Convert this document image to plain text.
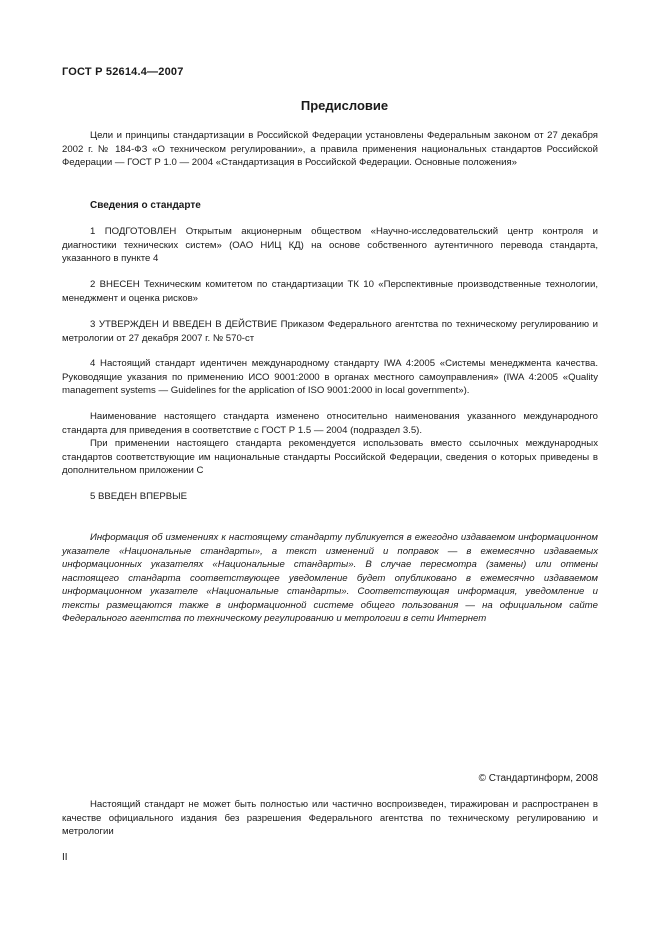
ГОСТ Р 52614.4—2007
Предисловие

Цели и принципы стандартизации в Российской Федерации установлены Федеральным законом от 27 декабря 2002 г. № 184-ФЗ «О техническом регулировании», а правила применения национальных стандартов Российской Федерации — ГОСТ Р 1.0 — 2004 «Стандартизация в Российской Федерации. Основные положения»

Сведения о стандарте

1 ПОДГОТОВЛЕН Открытым акционерным обществом «Научно-исследовательский центр контроля и диагностики технических систем» (ОАО НИЦ КД) на основе собственного аутентичного перевода стандарта, указанного в пункте 4

2 ВНЕСЕН Техническим комитетом по стандартизации ТК 10 «Перспективные производственные технологии, менеджмент и оценка рисков»

3 УТВЕРЖДЕН И ВВЕДЕН В ДЕЙСТВИЕ Приказом Федерального агентства по техническому регулированию и метрологии от 27 декабря 2007 г. № 570-ст

4 Настоящий стандарт идентичен международному стандарту IWA 4:2005 «Системы менеджмента качества. Руководящие указания по применению ИСО 9001:2000 в органах местного самоуправления» (IWA 4:2005 «Quality management systems — Guidelines for the application of ISO 9001:2000 in local government»).

Наименование настоящего стандарта изменено относительно наименования указанного международного стандарта для приведения в соответствие с ГОСТ Р 1.5 — 2004 (подраздел 3.5).

При применении настоящего стандарта рекомендуется использовать вместо ссылочных международных стандартов соответствующие им национальные стандарты Российской Федерации, сведения о которых приведены в дополнительном приложении С

5 ВВЕДЕН ВПЕРВЫЕ

Информация об изменениях к настоящему стандарту публикуется в ежегодно издаваемом информационном указателе «Национальные стандарты», а текст изменений и поправок — в ежемесячно издаваемых информационных указателях «Национальные стандарты». В случае пересмотра (замены) или отмены настоящего стандарта соответствующее уведомление будет опубликовано в ежемесячно издаваемом информационном указателе «Национальные стандарты». Соответствующая информация, уведомление и тексты размещаются также в информационной системе общего пользования — на официальном сайте Федерального агентства по техническому регулированию и метрологии в сети Интернет

© Стандартинформ, 2008

Настоящий стандарт не может быть полностью или частично воспроизведен, тиражирован и распространен в качестве официального издания без разрешения Федерального агентства по техническому регулированию и метрологии

II
